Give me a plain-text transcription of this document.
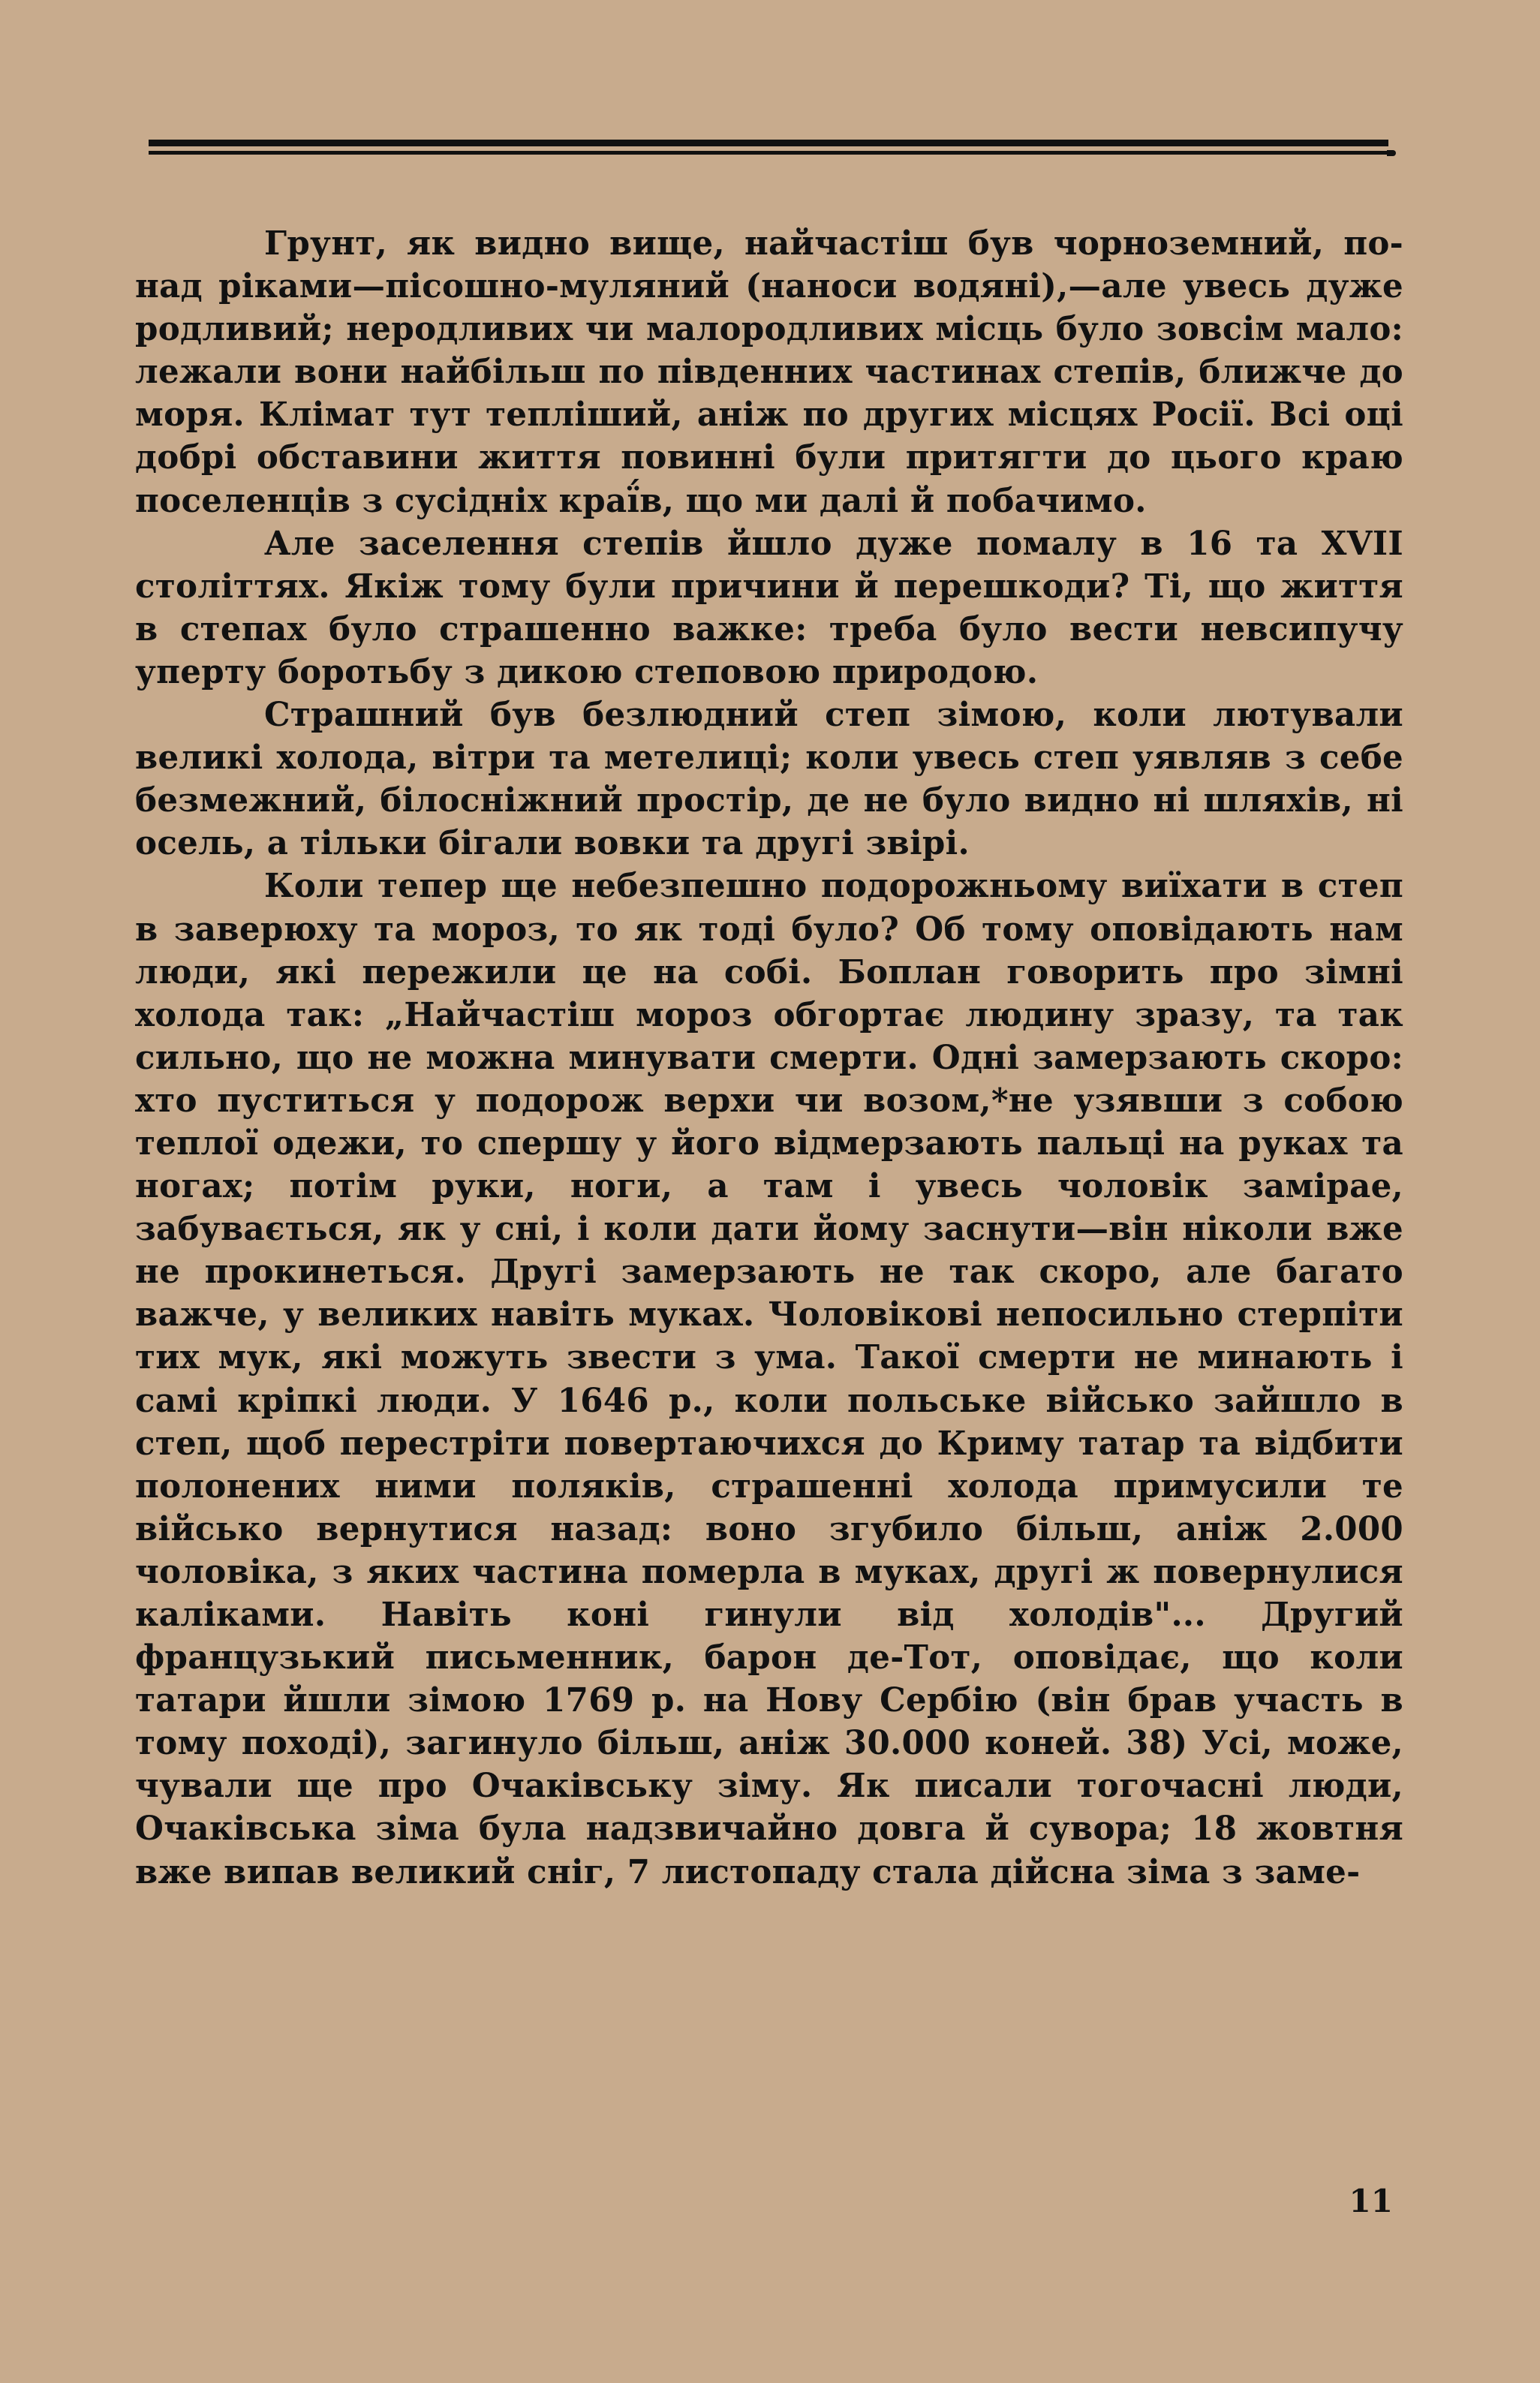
Грунт, як видно вище, найчастіш був чорноземний, по-над ріками—пісошно-муляний (наноси водяні),—але увесь дуже родливий; неродливих чи малородливих місць було зовсім мало: лежали вони найбільш по південних частинах степів, ближче до моря. Клімат тут тепліший, аніж по других місцях Росії. Всі оці добрі обставини життя повинні були притягти до цього краю поселенців з сусідніх краї́в, що ми далі й побачимо.

Але заселення степів йшло дуже помалу в 16 та XVII століттях. Якіж тому були причини й перешкоди? Ті, що життя в степах було страшенно важке: треба було вести невсипучу уперту боротьбу з дикою степовою природою.

Страшний був безлюдний степ зімою, коли лютували великі холода, вітри та метелиці; коли увесь степ уявляв з себе безмежний, білосніжний простір, де не було видно ні шляхів, ні осель, а тільки бігали вовки та другі звірі.

Коли тепер ще небезпешно подорожньому виїхати в степ в заверюху та мороз, то як тоді було? Об тому оповідають нам люди, які пережили це на собі. Боплан говорить про зімні холода так: „Найчастіш мороз обгортає людину зразу, та так сильно, що не можна минувати смерти. Одні замерзають скоро: хто пуститься у подорож верхи чи возом,*не узявши з собою теплої одежи, то спершу у його відмерзають пальці на руках та ногах; потім руки, ноги, а там і увесь чоловік заміраe, забувається, як у сні, і коли дати йому заснути—він ніколи вже не прокинеться. Другі замерзають не так скоро, але багато важче, у великих навіть муках. Чоловікові непосильно стерпіти тих мук, які можуть звести з ума. Такої смерти не минають і самі кріпкі люди. У 1646 р., коли польське військо зайшло в степ, щоб перестріти повертаючихся до Криму татар та відбити полонених ними поляків, страшенні холода примусили те військо вернутися назад: воно згубило більш, аніж 2.000 чоловіка, з яких частина померла в муках, другі ж повернулися каліками. Навіть коні гинули від холодів"... Другий французький письменник, барон де-Тот, оповідає, що коли татари йшли зімою 1769 р. на Нову Сербію (він брав участь в тому поході), загинуло більш, аніж 30.000 коней. 38) Усі, може, чували ще про Очаківську зіму. Як писали тогочасні люди, Очаківська зіма була надзвичайно довга й сувора; 18 жовтня вже випав великий сніг, 7 листопаду стала дійсна зіма з заме-

11
